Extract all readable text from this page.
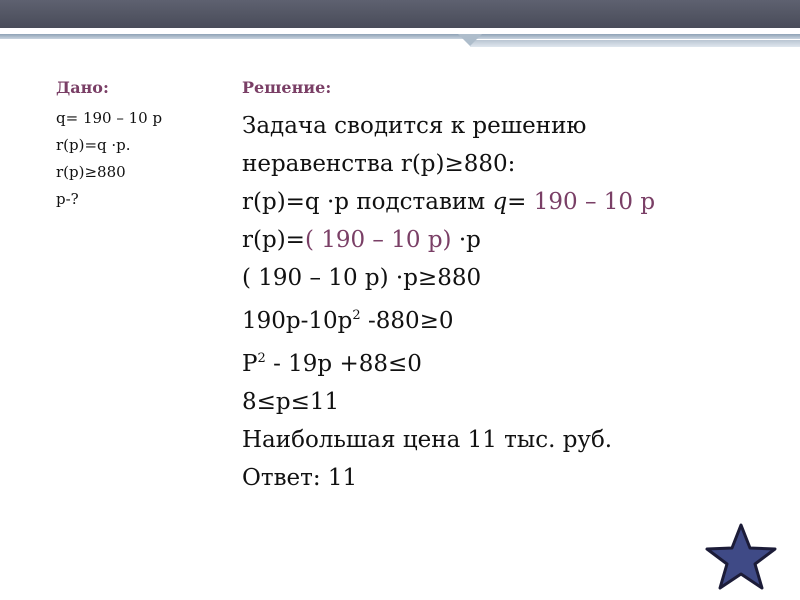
Дано:
q= 190 – 10 p
r(p)=q ·p.
r(p)≥880
p-?
Решение:
Задача сводится к решению
неравенства r(p)≥880:
r(p)=q ·p подставим q= 190 – 10 p
r(p)=( 190 – 10 p) ·p
( 190 – 10 p) ·p≥880
$190p-10p^2$ -880≥0
$P^2 - 19p +88\le 0$
8≤p≤11
Наибольшая цена 11 тыс. руб.
Ответ: 11
